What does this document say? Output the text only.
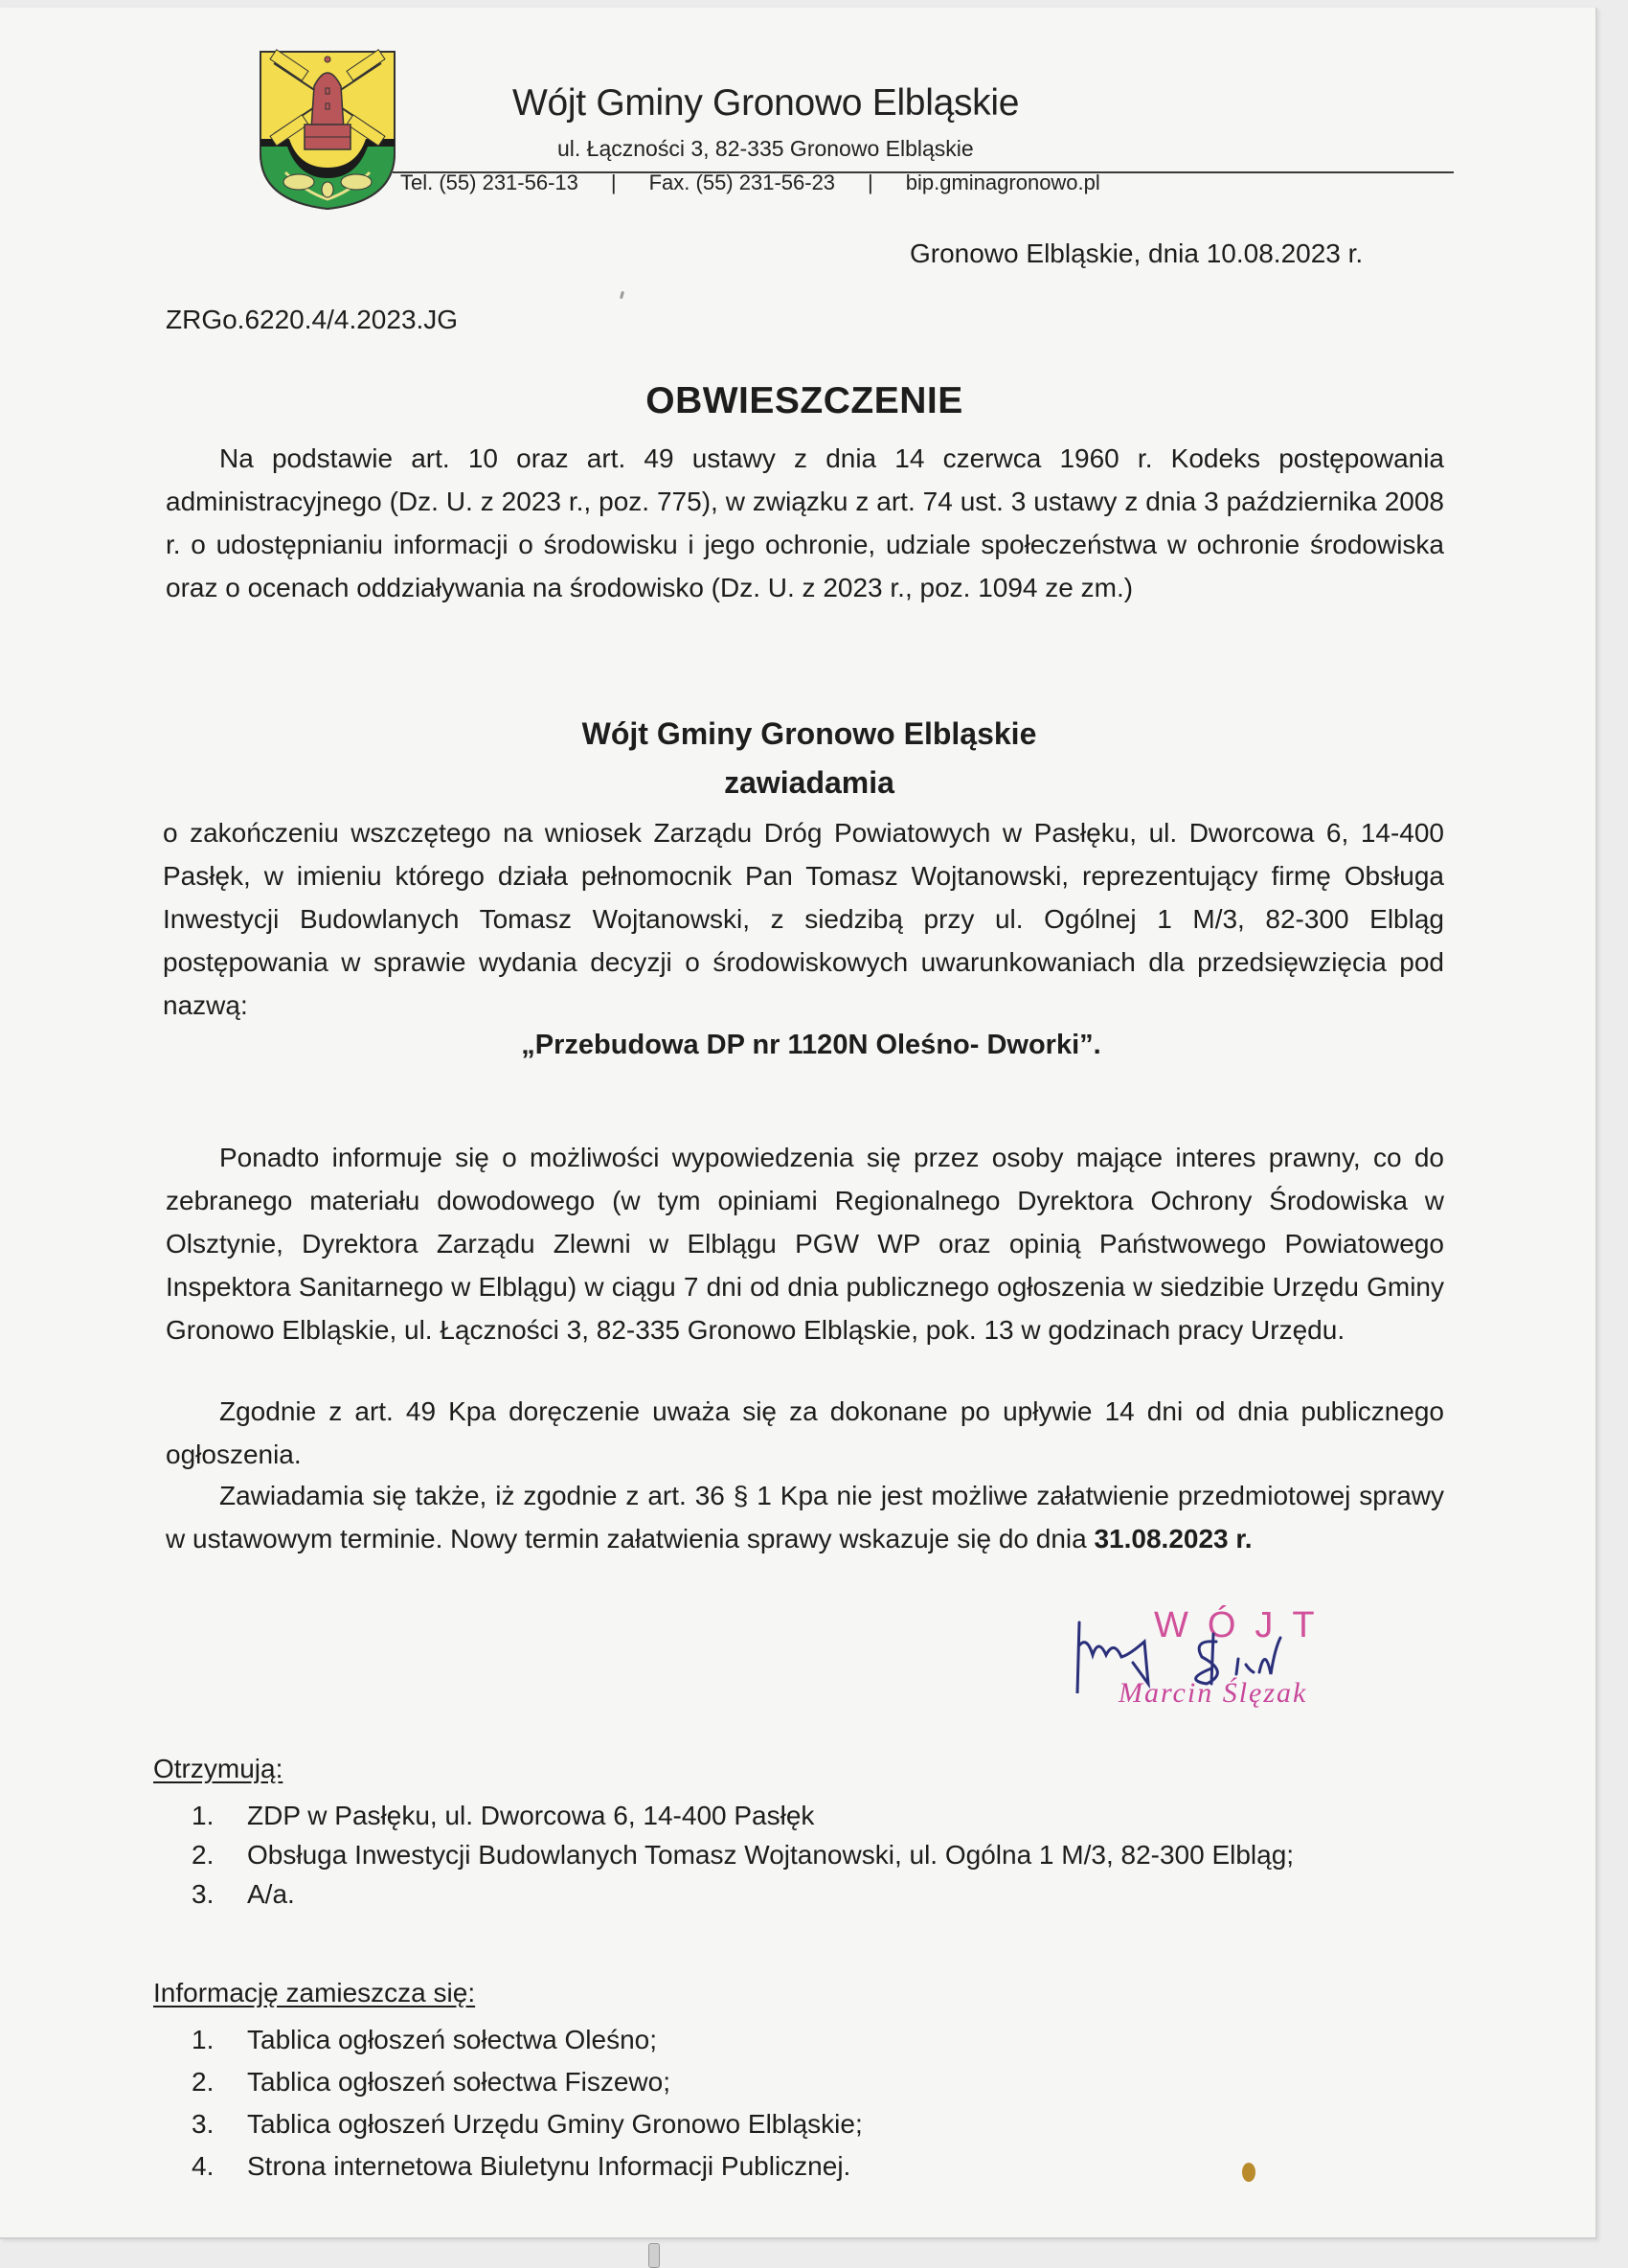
Wójt Gminy Gronowo Elbląskie
ul. Łączności 3, 82-335 Gronowo Elbląskie
Tel. (55) 231-56-13 | Fax. (55) 231-56-23 | bip.gminagronowo.pl
Gronowo Elbląskie, dnia 10.08.2023 r.
ZRGo.6220.4/4.2023.JG
OBWIESZCZENIE

Na podstawie art. 10 oraz art. 49 ustawy z dnia 14 czerwca 1960 r. Kodeks postępowania administracyjnego (Dz. U. z 2023 r., poz. 775), w związku z art. 74 ust. 3 ustawy z dnia 3 października 2008 r. o udostępnianiu informacji o środowisku i jego ochronie, udziale społeczeństwa w ochronie środowiska oraz o ocenach oddziaływania na środowisko (Dz. U. z 2023 r., poz. 1094 ze zm.)

Wójt Gminy Gronowo Elbląskie
zawiadamia

o zakończeniu wszczętego na wniosek Zarządu Dróg Powiatowych w Pasłęku, ul. Dworcowa 6, 14-400 Pasłęk, w imieniu którego działa pełnomocnik Pan Tomasz Wojtanowski, reprezentujący firmę Obsługa Inwestycji Budowlanych Tomasz Wojtanowski, z siedzibą przy ul. Ogólnej 1 M/3, 82-300 Elbląg postępowania w sprawie wydania decyzji o środowiskowych uwarunkowaniach dla przedsięwzięcia pod nazwą:

„Przebudowa DP nr 1120N Oleśno- Dworki”.

Ponadto informuje się o możliwości wypowiedzenia się przez osoby mające interes prawny, co do zebranego materiału dowodowego (w tym opiniami Regionalnego Dyrektora Ochrony Środowiska w Olsztynie, Dyrektora Zarządu Zlewni w Elblągu PGW WP oraz opinią Państwowego Powiatowego Inspektora Sanitarnego w Elblągu) w ciągu 7 dni od dnia publicznego ogłoszenia w siedzibie Urzędu Gminy Gronowo Elbląskie, ul. Łączności 3, 82-335 Gronowo Elbląskie, pok. 13 w godzinach pracy Urzędu.

Zgodnie z art. 49 Kpa doręczenie uważa się za dokonane po upływie 14 dni od dnia publicznego ogłoszenia.

Zawiadamia się także, iż zgodnie z art. 36 § 1 Kpa nie jest możliwe załatwienie przedmiotowej sprawy w ustawowym terminie. Nowy termin załatwienia sprawy wskazuje się do dnia 31.08.2023 r.

WÓJT
Marcin Ślęzak
Otrzymują:
1.	ZDP w Pasłęku, ul. Dworcowa 6, 14-400 Pasłęk
2.	Obsługa Inwestycji Budowlanych Tomasz Wojtanowski, ul. Ogólna 1 M/3, 82-300 Elbląg;
3.	A/a.
Informację zamieszcza się:
1.	Tablica ogłoszeń sołectwa Oleśno;
2.	Tablica ogłoszeń sołectwa Fiszewo;
3.	Tablica ogłoszeń Urzędu Gminy Gronowo Elbląskie;
4.	Strona internetowa Biuletynu Informacji Publicznej.
